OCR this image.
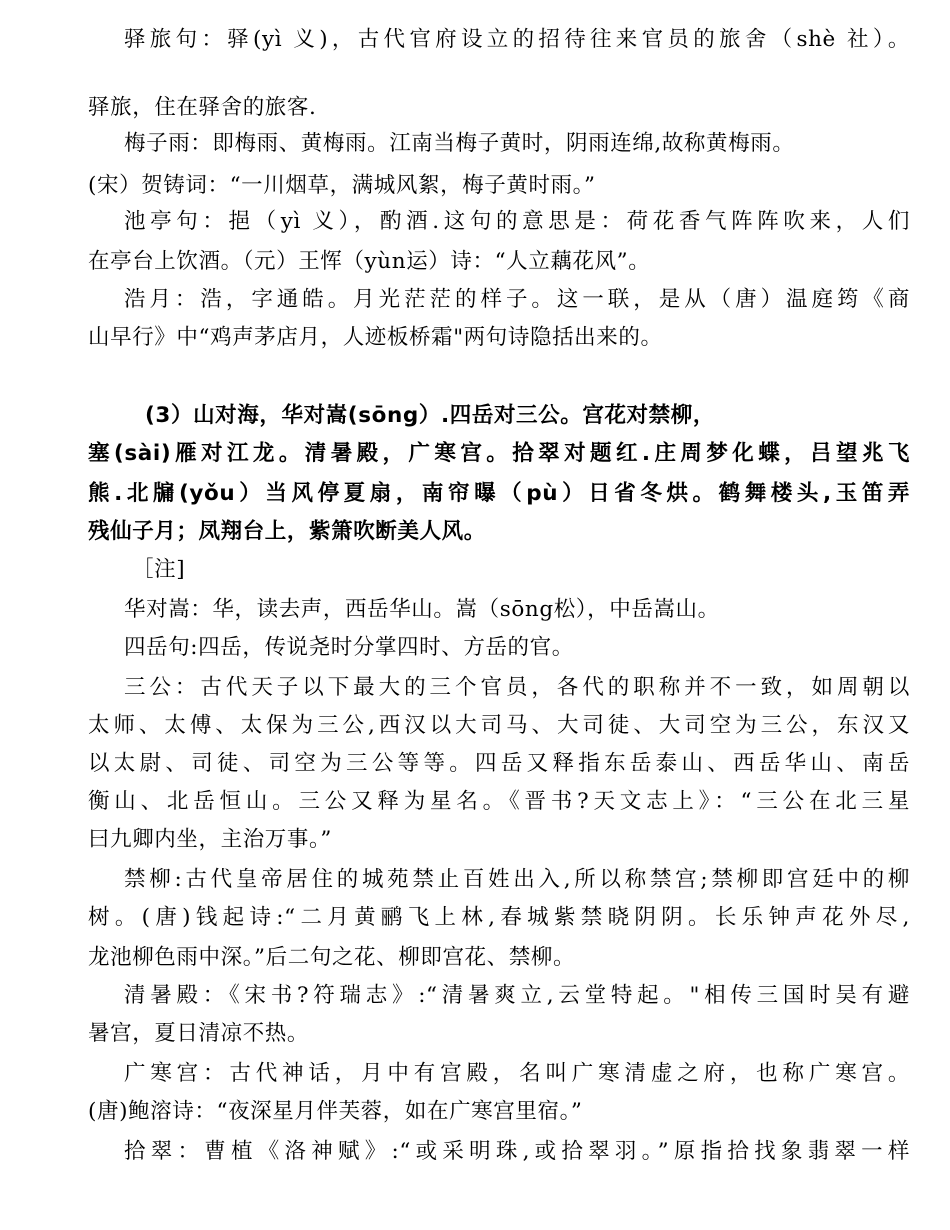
驿旅句：驿(yì 义)，古代官府设立的招待往来官员的旅舍（shè 社）。
驿旅，住在驿舍的旅客.
梅子雨：即梅雨、黄梅雨。江南当梅子黄时，阴雨连绵,故称黄梅雨。
(宋）贺铸词：“一川烟草，满城风絮，梅子黄时雨。”
池亭句：挹（yì 义），酌酒.这句的意思是：荷花香气阵阵吹来，人们
在亭台上饮酒。（元）王恽（yùn运）诗：“人立藕花风”。
浩月：浩，字通皓。月光茫茫的样子。这一联，是从（唐）温庭筠《商
山早行》中“鸡声茅店月，人迹板桥霜"两句诗隐括出来的。
(3）山对海，华对嵩(sōng）.四岳对三公。宫花对禁柳，
塞(sài)雁对江龙。清暑殿，广寒宫。拾翠对题红.庄周梦化蝶，吕望兆飞
熊.北牖(yǒu）当风停夏扇，南帘曝（pù）日省冬烘。鹤舞楼头,玉笛弄
残仙子月；凤翔台上，紫箫吹断美人风。
［注]
华对嵩：华，读去声，西岳华山。嵩（sōng松），中岳嵩山。
四岳句:四岳，传说尧时分掌四时、方岳的官。
三公：古代天子以下最大的三个官员，各代的职称并不一致，如周朝以
太师、太傅、太保为三公,西汉以大司马、大司徒、大司空为三公，东汉又
以太尉、司徒、司空为三公等等。四岳又释指东岳泰山、西岳华山、南岳
衡山、北岳恒山。三公又释为星名。《晋书?天文志上》：“三公在北三星
曰九卿内坐，主治万事。”
禁柳:古代皇帝居住的城苑禁止百姓出入,所以称禁宫;禁柳即宫廷中的柳
树。(唐)钱起诗:“二月黄鹂飞上林,春城紫禁晓阴阴。长乐钟声花外尽,
龙池柳色雨中深。”后二句之花、柳即宫花、禁柳。
清暑殿：《宋书?符瑞志》:“清暑爽立,云堂特起。"相传三国时吴有避
暑宫，夏日清凉不热。
广寒宫：古代神话，月中有宫殿，名叫广寒清虚之府，也称广寒宫。
(唐)鲍溶诗：“夜深星月伴芙蓉，如在广寒宫里宿。”
拾翠：曹植《洛神赋》:“或采明珠,或拾翠羽。”原指拾找象翡翠一样
